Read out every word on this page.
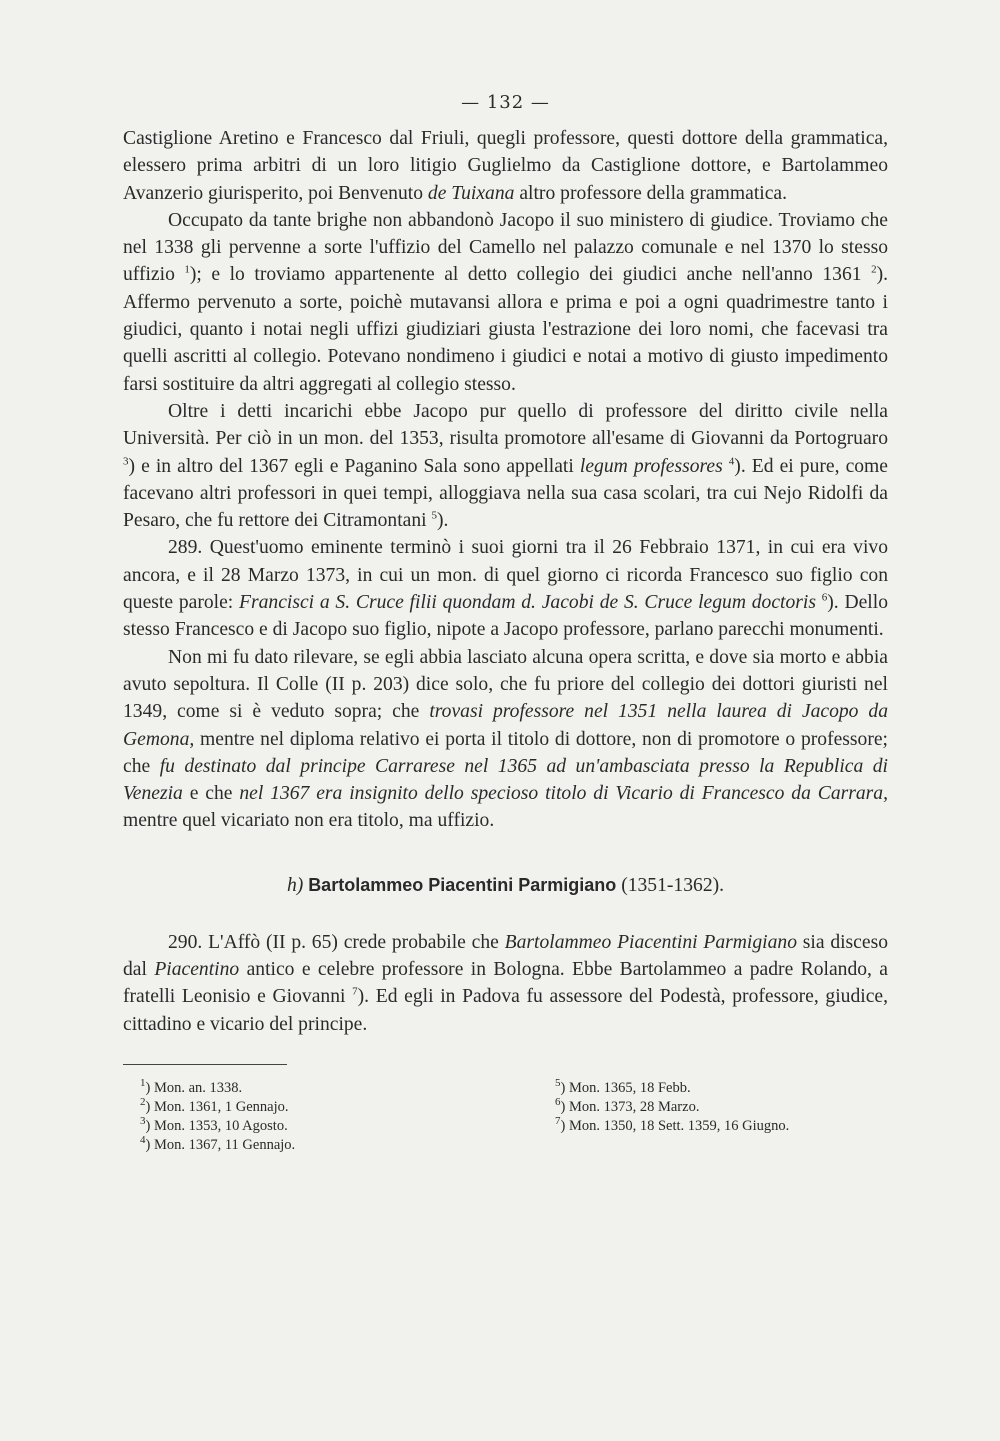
— 132 —

Castiglione Aretino e Francesco dal Friuli, quegli professore, questi dottore della grammatica, elessero prima arbitri di un loro litigio Guglielmo da Castiglione dottore, e Bartolammeo Avanzerio giurisperito, poi Benvenuto de Tuixana altro professore della grammatica.

Occupato da tante brighe non abbandonò Jacopo il suo ministero di giudice. Troviamo che nel 1338 gli pervenne a sorte l'uffizio del Camello nel palazzo comunale e nel 1370 lo stesso uffizio $^1$); e lo troviamo appartenente al detto collegio dei giudici anche nell'anno 1361 $^2$). Affermo pervenuto a sorte, poichè mutavansi allora e prima e poi a ogni quadrimestre tanto i giudici, quanto i notai negli uffizi giudiziari giusta l'estrazione dei loro nomi, che facevasi tra quelli ascritti al collegio. Potevano nondimeno i giudici e notai a motivo di giusto impedimento farsi sostituire da altri aggregati al collegio stesso.

Oltre i detti incarichi ebbe Jacopo pur quello di professore del diritto civile nella Università. Per ciò in un mon. del 1353, risulta promotore all'esame di Giovanni da Portogruaro $^3$) e in altro del 1367 egli e Paganino Sala sono appellati legum professores $^4$). Ed ei pure, come facevano altri professori in quei tempi, alloggiava nella sua casa scolari, tra cui Nejo Ridolfi da Pesaro, che fu rettore dei Citramontani $^5$).

289. Quest'uomo eminente terminò i suoi giorni tra il 26 Febbraio 1371, in cui era vivo ancora, e il 28 Marzo 1373, in cui un mon. di quel giorno ci ricorda Francesco suo figlio con queste parole: Francisci a S. Cruce filii quondam d. Jacobi de S. Cruce legum doctoris $^6$). Dello stesso Francesco e di Jacopo suo figlio, nipote a Jacopo professore, parlano parecchi monumenti.

Non mi fu dato rilevare, se egli abbia lasciato alcuna opera scritta, e dove sia morto e abbia avuto sepoltura. Il Colle (II p. 203) dice solo, che fu priore del collegio dei dottori giuristi nel 1349, come si è veduto sopra; che trovasi professore nel 1351 nella laurea di Jacopo da Gemona, mentre nel diploma relativo ei porta il titolo di dottore, non di promotore o professore; che fu destinato dal principe Carrarese nel 1365 ad un'ambasciata presso la Republica di Venezia e che nel 1367 era insignito dello specioso titolo di Vicario di Francesco da Carrara, mentre quel vicariato non era titolo, ma uffizio.

h) Bartolammeo Piacentini Parmigiano (1351-1362).

290. L'Affò (II p. 65) crede probabile che Bartolammeo Piacentini Parmigiano sia disceso dal Piacentino antico e celebre professore in Bologna. Ebbe Bartolammeo a padre Rolando, a fratelli Leonisio e Giovanni $^7$). Ed egli in Padova fu assessore del Podestà, professore, giudice, cittadino e vicario del principe.

$^1$) Mon. an. 1338.
$^2$) Mon. 1361, 1 Gennajo.
$^3$) Mon. 1353, 10 Agosto.
$^4$) Mon. 1367, 11 Gennajo.
$^5$) Mon. 1365, 18 Febb.
$^6$) Mon. 1373, 28 Marzo.
$^7$) Mon. 1350, 18 Sett. 1359, 16 Giugno.
